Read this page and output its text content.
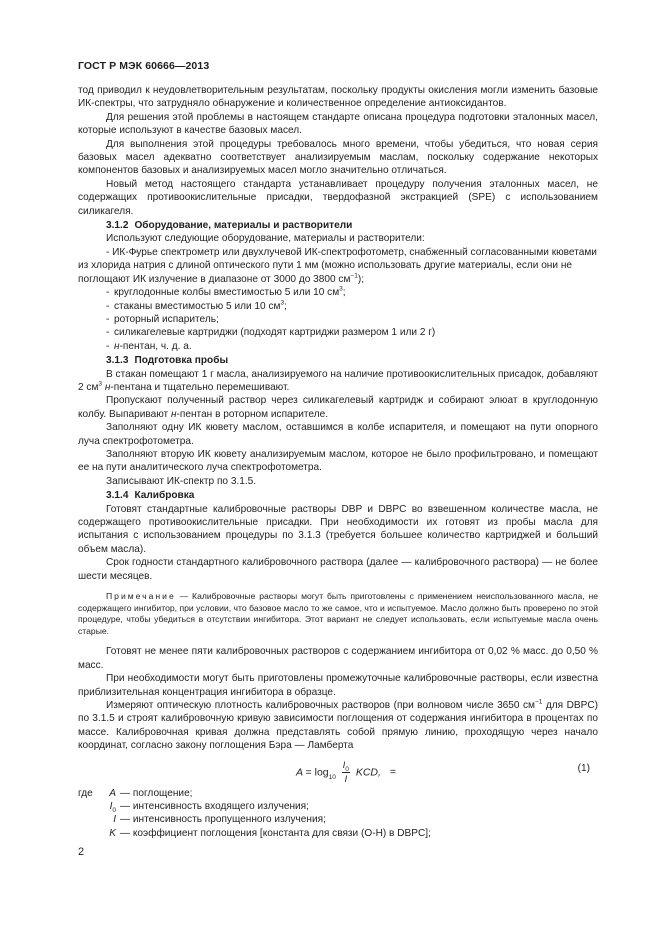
ГОСТ Р МЭК 60666—2013

тод приводил к неудовлетворительным результатам, поскольку продукты окисления могли изменить базовые ИК-спектры, что затрудняло обнаружение и количественное определение антиоксидантов.

Для решения этой проблемы в настоящем стандарте описана процедура подготовки эталонных масел, которые используют в качестве базовых масел.

Для выполнения этой процедуры требовалось много времени, чтобы убедиться, что новая серия базовых масел адекватно соответствует анализируемым маслам, поскольку содержание некоторых компонентов базовых и анализируемых масел могло значительно отличаться.

Новый метод настоящего стандарта устанавливает процедуру получения эталонных масел, не содержащих противоокислительные присадки, твердофазной экстракцией (SPE) с использованием силикагеля.

3.1.2 Оборудование, материалы и растворители

Используют следующие оборудование, материалы и растворители:

- - ИК-Фурье спектрометр или двухлучевой ИК-спектрофотометр, снабженный согласованными кюветами из хлорида натрия с длиной оптического пути 1 мм (можно использовать другие материалы, если они не поглощают ИК излучение в диапазоне от 3000 до 3800 $см^{-1}$);
- круглодонные колбы вместимостью 5 или 10 $см^3$;
- стаканы вместимостью 5 или 10 $см^3$;
- роторный испаритель;
- силикагелевые картриджи (подходят картриджи размером 1 или 2 г)
- н-пентан, ч. д. а.

3.1.3 Подготовка пробы

В стакан помещают 1 г масла, анализируемого на наличие противоокислительных присадок, добавляют 2 $см^3$ н-пентана и тщательно перемешивают.

Пропускают полученный раствор через силикагелевый картридж и собирают элюат в круглодонную колбу. Выпаривают н-пентан в роторном испарителе.

Заполняют одну ИК кювету маслом, оставшимся в колбе испарителя, и помещают на пути опорного луча спектрофотометра.

Заполняют вторую ИК кювету анализируемым маслом, которое не было профильтровано, и помещают ее на пути аналитического луча спектрофотометра.

Записывают ИК-спектр по 3.1.5.

3.1.4 Калибровка

Готовят стандартные калибровочные растворы DBP и DBPC во взвешенном количестве масла, не содержащего противоокислительные присадки. При необходимости их готовят из пробы масла для испытания с использованием процедуры по 3.1.3 (требуется большее количество картриджей и больший объем масла).

Срок годности стандартного калибровочного раствора (далее — калибровочного раствора) — не более шести месяцев.

Примечание — Калибровочные растворы могут быть приготовлены с применением неиспользованного масла, не содержащего ингибитор, при условии, что базовое масло то же самое, что и испытуемое. Масло должно быть проверено по этой процедуре, чтобы убедиться в отсутствии ингибитора. Этот вариант не следует использовать, если испытуемые масла очень старые.

Готовят не менее пяти калибровочных растворов с содержанием ингибитора от 0,02 % масс. до 0,50 % масс.

При необходимости могут быть приготовлены промежуточные калибровочные растворы, если известна приблизительная концентрация ингибитора в образце.

Измеряют оптическую плотность калибровочных растворов (при волновом числе 3650 $см^{-1}$ для DBPC) по 3.1.5 и строят калибровочную кривую зависимости поглощения от содержания ингибитора в процентах по массе. Калибровочная кривая должна представлять собой прямую линию, проходящую через начало координат, согласно закону поглощения Бэра — Ламберта

$A = \log_{10} \frac{I_0}{I}$ KCD, =	(1)
где	A — поглощение;
$I_0$ — интенсивность входящего излучения;
I — интенсивность пропущенного излучения;
K — коэффициент поглощения [константа для связи (O-H) в DBPC];
2
